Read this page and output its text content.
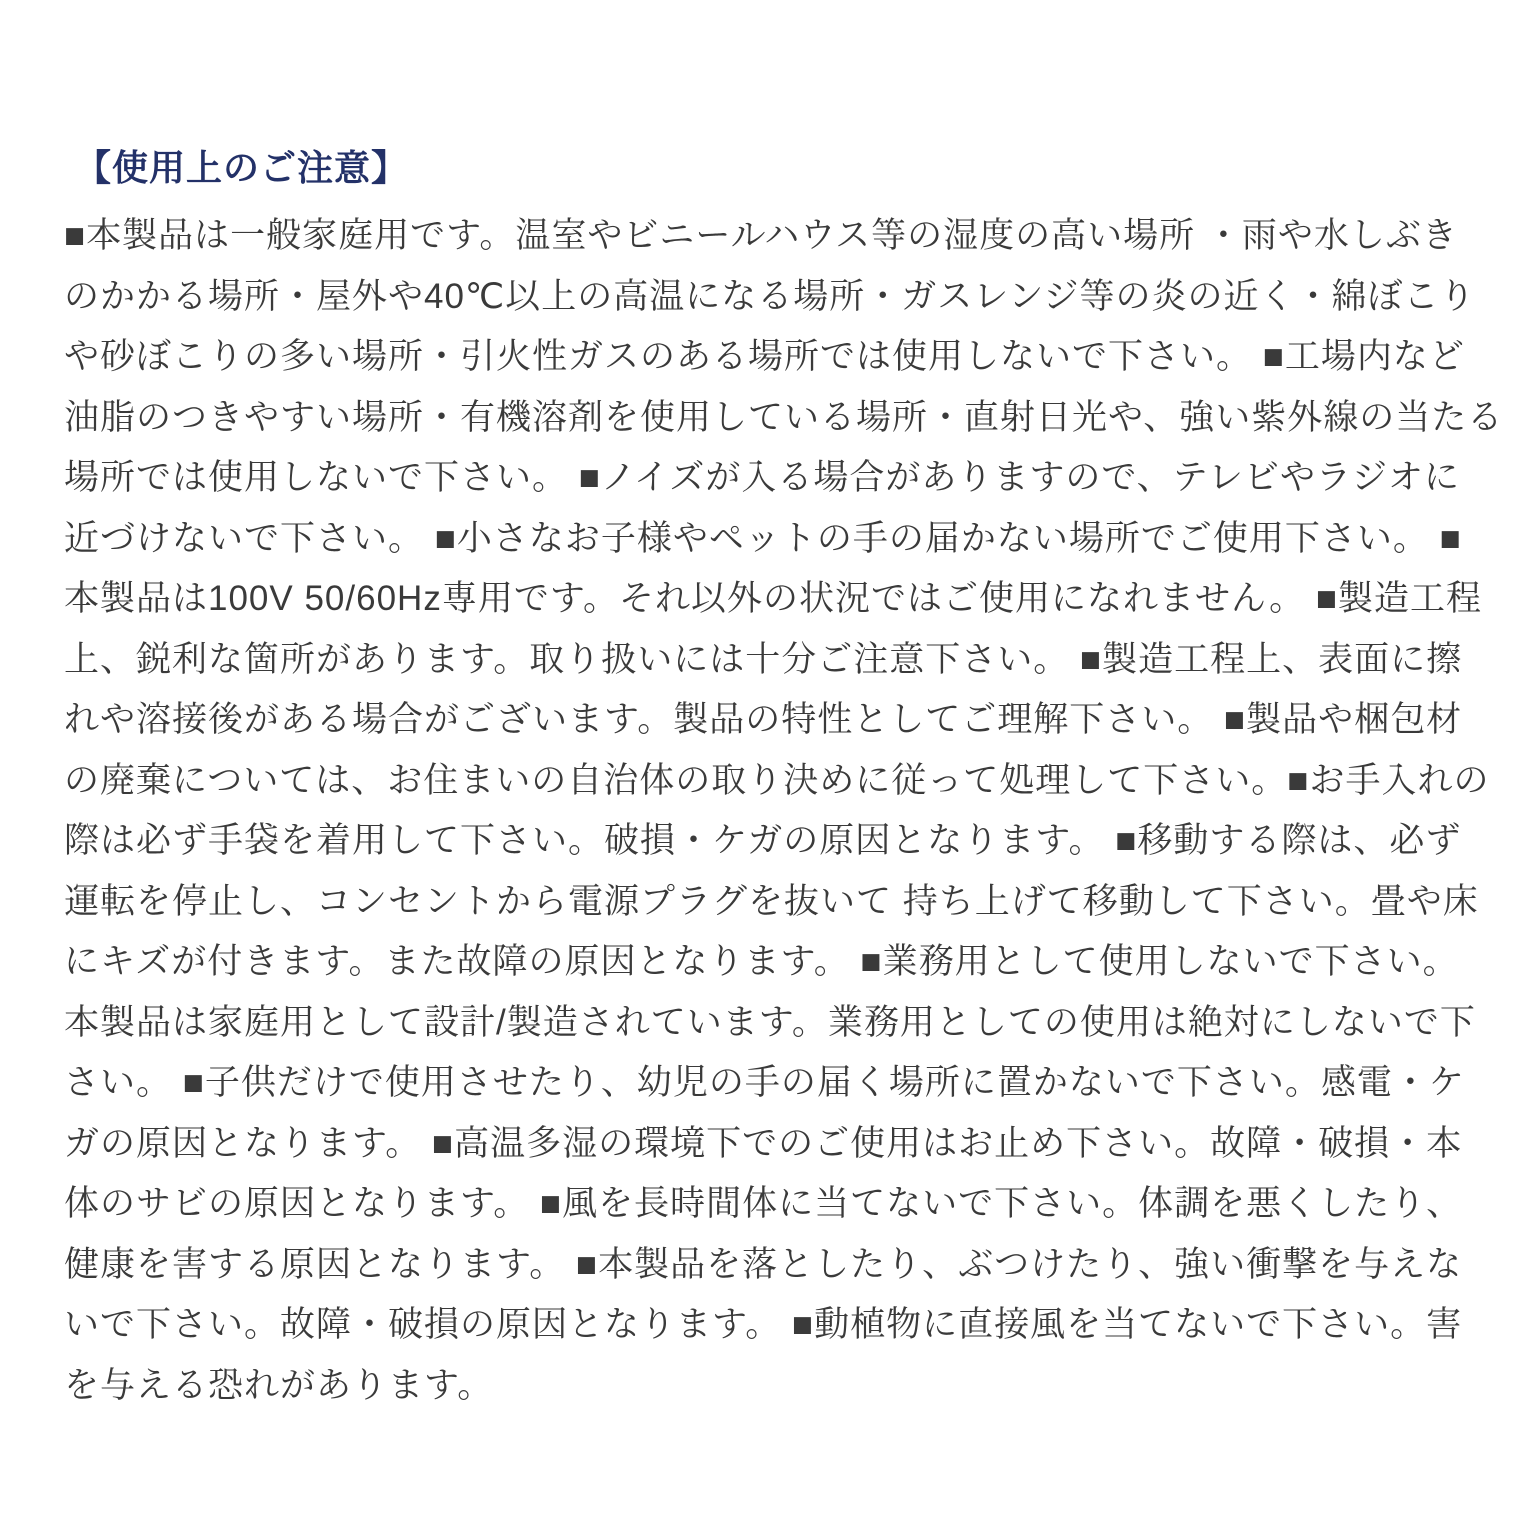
【使用上のご注意】
■本製品は一般家庭用です。温室やビニールハウス等の湿度の高い場所 ・雨や水しぶき
のかかる場所・屋外や40℃以上の高温になる場所・ガスレンジ等の炎の近く・綿ぼこり
や砂ぼこりの多い場所・引火性ガスのある場所では使用しないで下さい。 ■工場内など
油脂のつきやすい場所・有機溶剤を使用している場所・直射日光や、強い紫外線の当たる
場所では使用しないで下さい。 ■ノイズが入る場合がありますので、テレビやラジオに
近づけないで下さい。 ■小さなお子様やペットの手の届かない場所でご使用下さい。 ■
本製品は100V 50/60Hz専用です。それ以外の状況ではご使用になれません。 ■製造工程
上、鋭利な箇所があります。取り扱いには十分ご注意下さい。 ■製造工程上、表面に擦
れや溶接後がある場合がございます。製品の特性としてご理解下さい。 ■製品や梱包材
の廃棄については、お住まいの自治体の取り決めに従って処理して下さい。■お手入れの
際は必ず手袋を着用して下さい。破損・ケガの原因となります。 ■移動する際は、必ず
運転を停止し、コンセントから電源プラグを抜いて 持ち上げて移動して下さい。畳や床
にキズが付きます。また故障の原因となります。 ■業務用として使用しないで下さい。
本製品は家庭用として設計/製造されています。業務用としての使用は絶対にしないで下
さい。 ■子供だけで使用させたり、幼児の手の届く場所に置かないで下さい。感電・ケ
ガの原因となります。 ■高温多湿の環境下でのご使用はお止め下さい。故障・破損・本
体のサビの原因となります。 ■風を長時間体に当てないで下さい。体調を悪くしたり、
健康を害する原因となります。 ■本製品を落としたり、ぶつけたり、強い衝撃を与えな
いで下さい。故障・破損の原因となります。 ■動植物に直接風を当てないで下さい。害
を与える恐れがあります。
